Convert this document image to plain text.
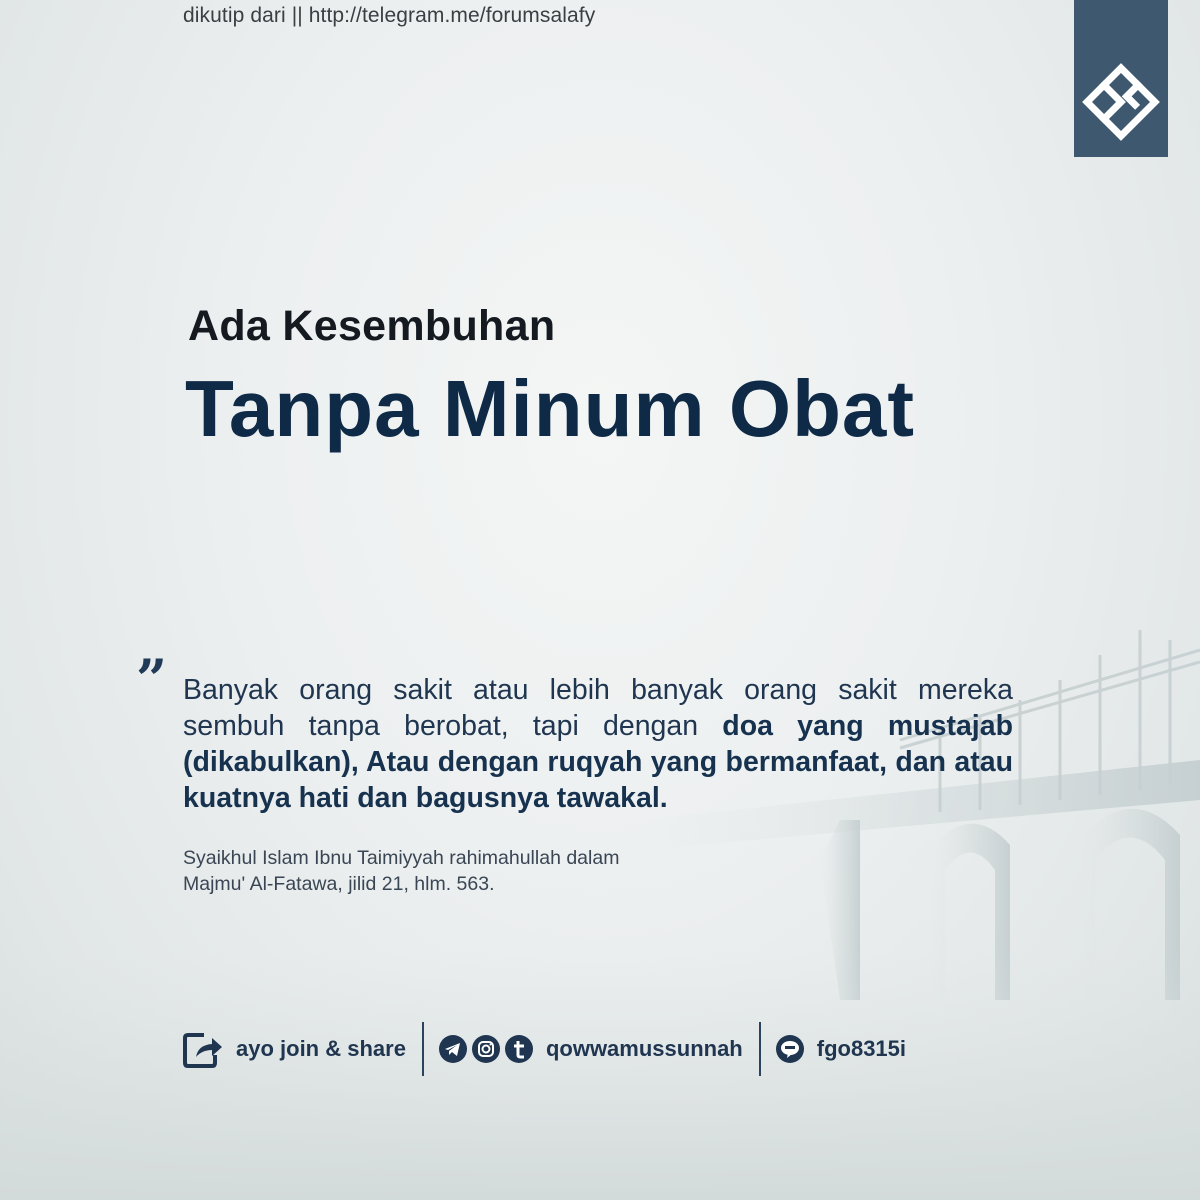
dikutip dari || http://telegram.me/forumsalafy
Ada Kesembuhan
Tanpa Minum Obat
” Banyak orang sakit atau lebih banyak orang sakit mereka sembuh tanpa berobat, tapi dengan doa yang mustajab (dikabulkan), Atau dengan ruqyah yang bermanfaat, dan atau kuatnya hati dan bagusnya tawakal.
Syaikhul Islam Ibnu Taimiyyah rahimahullah dalam
Majmu' Al-Fatawa, jilid 21, hlm. 563.
ayo join & share	qowwamussunnah	fgo8315i
